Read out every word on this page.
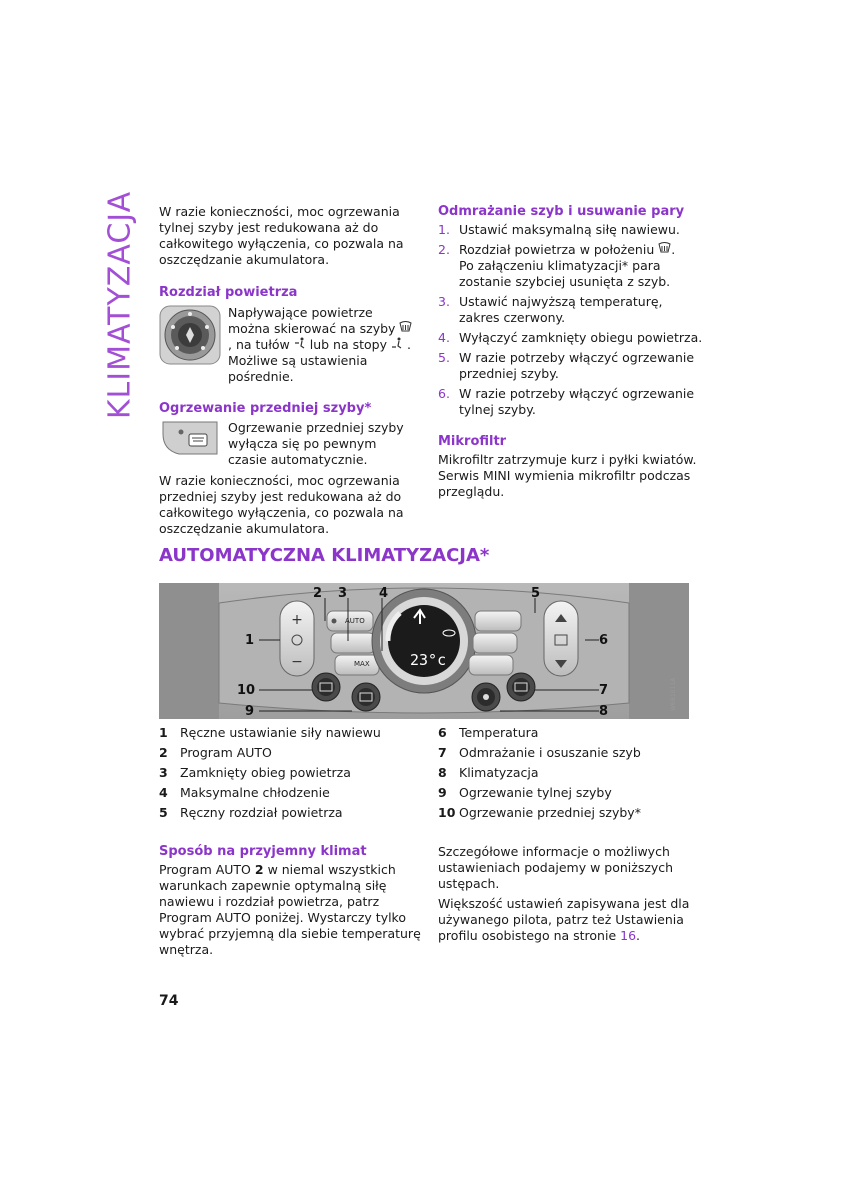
KLIMATYZACJA W razie konieczności, moc ogrzewania tylnej szyby jest redukowana aż do całkowitego wyłączenia, co pozwala na oszczędzanie akumulatora.

Rozdział powietrza

Napływające powietrze można skierować na szyby  , na tułów lub na stopy . Możliwe są ustawienia pośrednie.

Ogrzewanie przedniej szyby*

Ogrzewanie przedniej szyby wyłącza się po pewnym czasie automatycznie.

W razie konieczności, moc ogrzewania przedniej szyby jest redukowana aż do całkowitego wyłączenia, co pozwala na oszczędzanie akumulatora.

Odmrażanie szyb i usuwanie pary

1. Ustawić maksymalną siłę nawiewu.
2. Rozdział powietrza w położeniu .
Po załączeniu klimatyzacji* para zostanie szybciej usunięta z szyb.
3. Ustawić najwyższą temperaturę, zakres czerwony.
4. Wyłączyć zamknięty obiegu powietrza.
5. W razie potrzeby włączyć ogrzewanie przedniej szyby.
6. W razie potrzeby włączyć ogrzewanie tylnej szyby.

Mikrofiltr

Mikrofiltr zatrzymuje kurz i pyłki kwiatów. Serwis MINI wymienia mikrofiltr podczas przeglądu.

AUTOMATYCZNA KLIMATYZACJA*
+
−
AUTO
MAX	23°c
W6B1011A
1
2 3 4	5
6
7
8
9
10
1 Ręczne ustawianie siły nawiewu
2 Program AUTO
3 Zamknięty obieg powietrza
4 Maksymalne chłodzenie
5 Ręczny rozdział powietrza
6 Temperatura
7 Odmrażanie i osuszanie szyb
8 Klimatyzacja
9 Ogrzewanie tylnej szyby
10 Ogrzewanie przedniej szyby*

Sposób na przyjemny klimat

Program AUTO 2 w niemal wszystkich warunkach zapewnie optymalną siłę nawiewu i rozdział powietrza, patrz Program AUTO poniżej. Wystarczy tylko wybrać przyjemną dla siebie temperaturę wnętrza.

Szczegółowe informacje o możliwych ustawieniach podajemy w poniższych ustępach.

Większość ustawień zapisywana jest dla używanego pilota, patrz też Ustawienia profilu osobistego na stronie 16.

74
